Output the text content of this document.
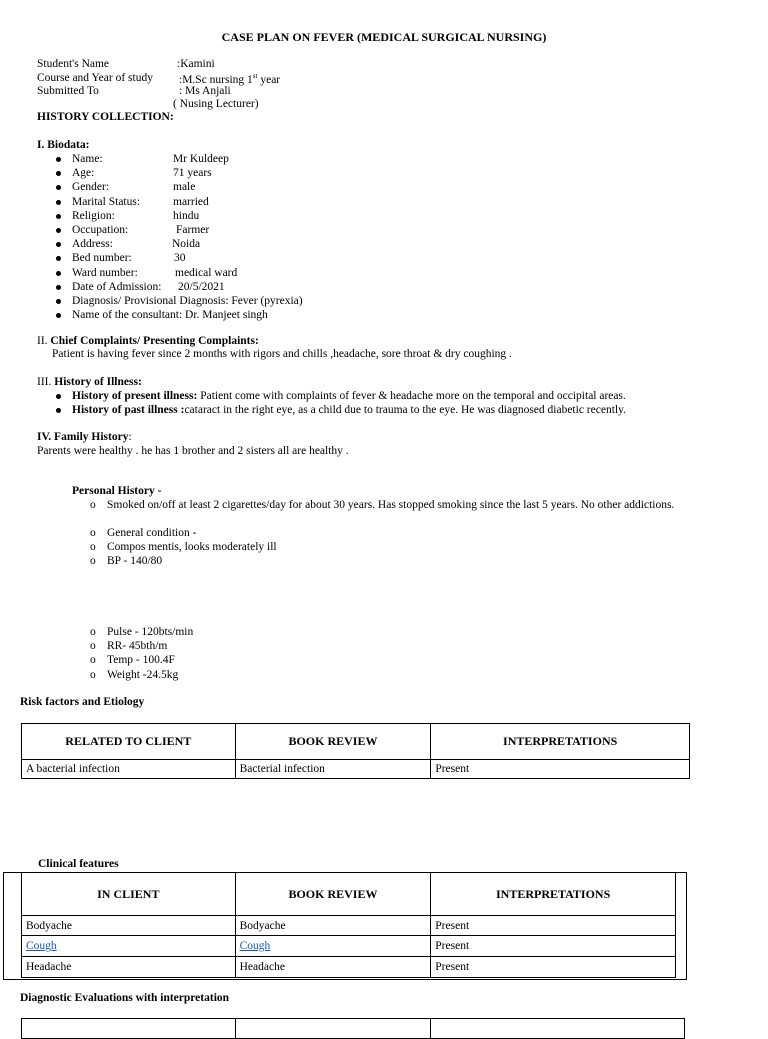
CASE PLAN ON FEVER (MEDICAL SURGICAL NURSING)
Student's Name	:Kamini
Course and Year of study :M.Sc nursing 1st year
Submitted To	: Ms Anjali
( Nusing Lecturer)
HISTORY COLLECTION:
I. Biodata:
Name:	Mr Kuldeep
Age:	71 years
Gender:	male
Marital Status:	married
Religion:	hindu
Occupation:	Farmer
Address:	Noida
Bed number:	30
Ward number:	medical ward
Date of Admission: 20/5/2021
Diagnosis/ Provisional Diagnosis: Fever (pyrexia)
Name of the consultant: Dr. Manjeet singh
II. Chief Complaints/ Presenting Complaints:
Patient is having fever since 2 months with rigors and chills ,headache, sore throat & dry coughing .
III. History of Illness:
History of present illness: Patient come with complaints of fever & headache more on the temporal and occipital areas.
History of past illness :cataract in the right eye, as a child due to trauma to the eye. He was diagnosed diabetic recently.
IV. Family History:
Parents were healthy . he has 1 brother and 2 sisters all are healthy .
Personal History -
o Smoked on/off at least 2 cigarettes/day for about 30 years. Has stopped smoking since the last 5 years. No other addictions.
o General condition -
o Compos mentis, looks moderately ill
o BP - 140/80
o Pulse - 120bts/min
o RR- 45bth/m
o Temp - 100.4F
o Weight -24.5kg
Risk factors and Etiology
RELATED TO CLIENT	BOOK REVIEW	INTERPRETATIONS
A bacterial infection	Bacterial infection	Present
Clinical features
IN CLIENT	BOOK REVIEW	INTERPRETATIONS
Bodyache	Bodyache	Present
Cough	Cough	Present
Headache	Headache	Present
Diagnostic Evaluations with interpretation
